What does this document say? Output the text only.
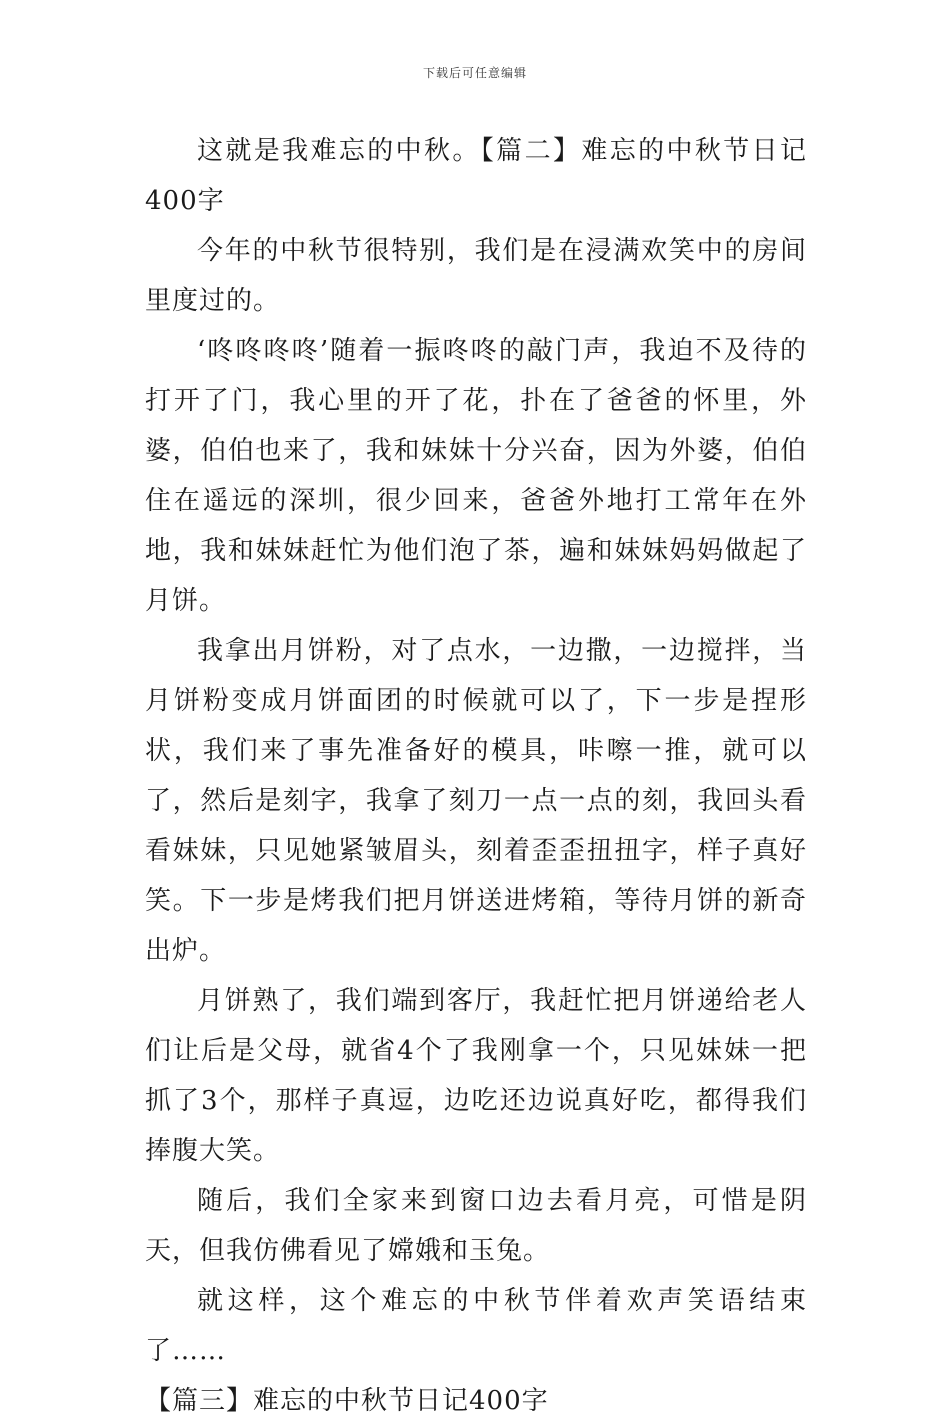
下载后可任意编辑

这就是我难忘的中秋。【篇二】难忘的中秋节日记400字

今年的中秋节很特别，我们是在浸满欢笑中的房间里度过的。

‘咚咚咚咚’随着一振咚咚的敲门声，我迫不及待的打开了门，我心里的开了花，扑在了爸爸的怀里，外婆，伯伯也来了，我和妹妹十分兴奋，因为外婆，伯伯住在遥远的深圳，很少回来，爸爸外地打工常年在外地，我和妹妹赶忙为他们泡了茶，遍和妹妹妈妈做起了月饼。

我拿出月饼粉，对了点水，一边撒，一边搅拌，当月饼粉变成月饼面团的时候就可以了，下一步是捏形状，我们来了事先准备好的模具，咔嚓一推，就可以了，然后是刻字，我拿了刻刀一点一点的刻，我回头看看妹妹，只见她紧皱眉头，刻着歪歪扭扭字，样子真好笑。下一步是烤我们把月饼送进烤箱，等待月饼的新奇出炉。

月饼熟了，我们端到客厅，我赶忙把月饼递给老人们让后是父母，就省4个了我刚拿一个，只见妹妹一把抓了3个，那样子真逗，边吃还边说真好吃，都得我们捧腹大笑。

随后，我们全家来到窗口边去看月亮，可惜是阴天，但我仿佛看见了嫦娥和玉兔。

就这样，这个难忘的中秋节伴着欢声笑语结束了……

【篇三】难忘的中秋节日记400字
